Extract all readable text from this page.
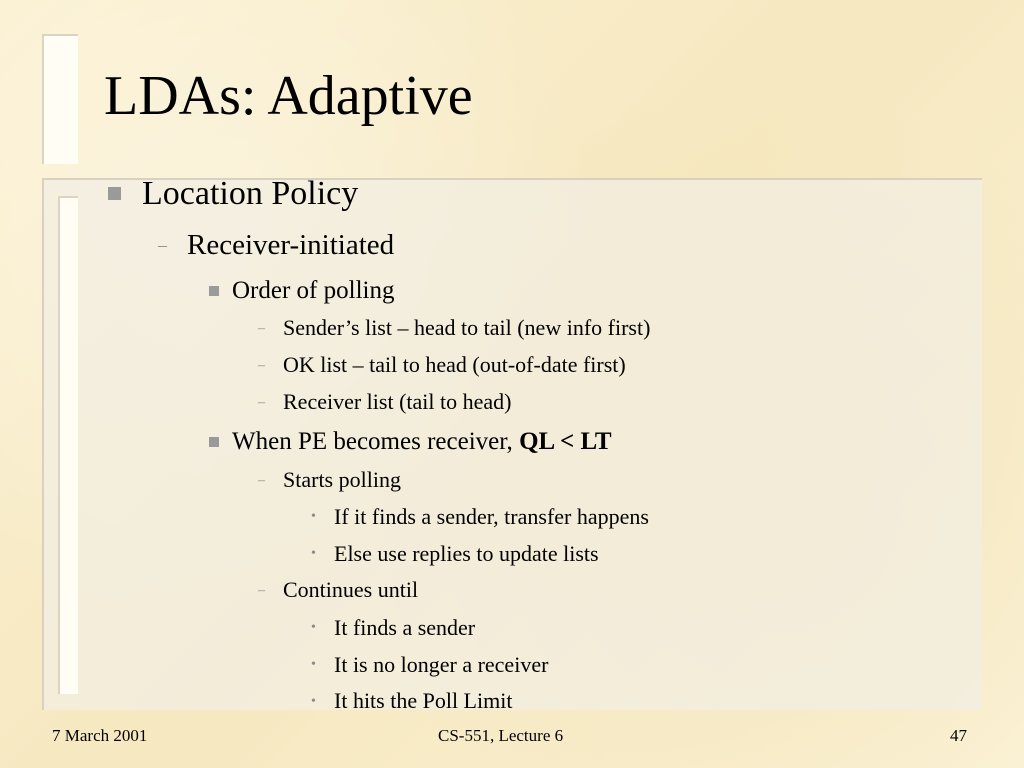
LDAs: Adaptive
Location Policy
– Receiver-initiated
Order of polling
– Sender’s list – head to tail (new info first)
– OK list – tail to head (out-of-date first)
– Receiver list (tail to head)
When PE becomes receiver, QL < LT
– Starts polling
• If it finds a sender, transfer happens
• Else use replies to update lists
– Continues until
• It finds a sender
• It is no longer a receiver
• It hits the Poll Limit
7 March 2001	CS-551, Lecture 6	47
